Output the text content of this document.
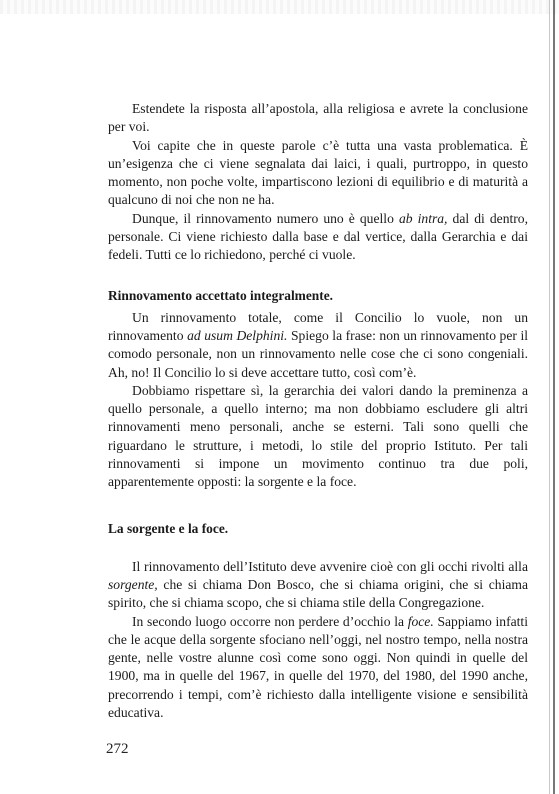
Estendete la risposta all’apostola, alla religiosa e avrete la conclusione per voi.

Voi capite che in queste parole c’è tutta una vasta problematica. È un’esigenza che ci viene segnalata dai laici, i quali, purtroppo, in questo momento, non poche volte, impartiscono lezioni di equilibrio e di maturità a qualcuno di noi che non ne ha.

Dunque, il rinnovamento numero uno è quello ab intra, dal di dentro, personale. Ci viene richiesto dalla base e dal vertice, dalla Gerarchia e dai fedeli. Tutti ce lo richiedono, perché ci vuole.

Rinnovamento accettato integralmente.

Un rinnovamento totale, come il Concilio lo vuole, non un rinnovamento ad usum Delphini. Spiego la frase: non un rinnovamento per il comodo personale, non un rinnovamento nelle cose che ci sono congeniali. Ah, no! Il Concilio lo si deve accettare tutto, così com’è.

Dobbiamo rispettare sì, la gerarchia dei valori dando la preminenza a quello personale, a quello interno; ma non dobbiamo escludere gli altri rinnovamenti meno personali, anche se esterni. Tali sono quelli che riguardano le strutture, i metodi, lo stile del proprio Istituto. Per tali rinnovamenti si impone un movimento continuo tra due poli, apparentemente opposti: la sorgente e la foce.

La sorgente e la foce.

Il rinnovamento dell’Istituto deve avvenire cioè con gli occhi rivolti alla sorgente, che si chiama Don Bosco, che si chiama origini, che si chiama spirito, che si chiama scopo, che si chiama stile della Congregazione.

In secondo luogo occorre non perdere d’occhio la foce. Sappiamo infatti che le acque della sorgente sfociano nell’oggi, nel nostro tempo, nella nostra gente, nelle vostre alunne così come sono oggi. Non quindi in quelle del 1900, ma in quelle del 1967, in quelle del 1970, del 1980, del 1990 anche, precorrendo i tempi, com’è richiesto dalla intelligente visione e sensibilità educativa.

272
